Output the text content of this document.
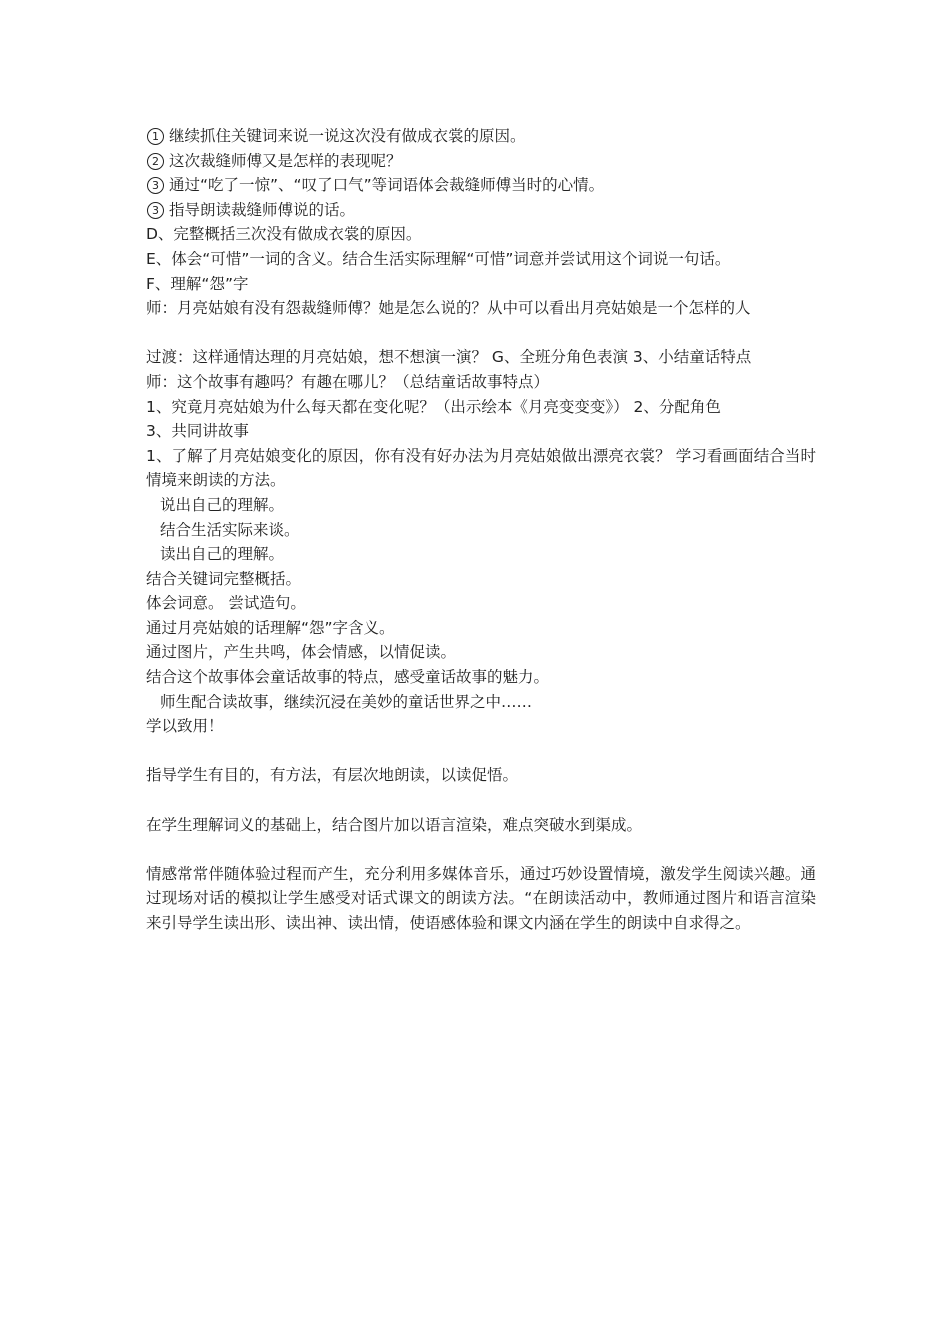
1 继续抓住关键词来说一说这次没有做成衣裳的原因。

2 这次裁缝师傅又是怎样的表现呢？

3 通过“吃了一惊”、“叹了口气”等词语体会裁缝师傅当时的心情。

3 指导朗读裁缝师傅说的话。

D、完整概括三次没有做成衣裳的原因。

E、体会“可惜”一词的含义。结合生活实际理解“可惜”词意并尝试用这个词说一句话。

F、理解“怨”字

师：月亮姑娘有没有怨裁缝师傅？她是怎么说的？从中可以看出月亮姑娘是一个怎样的人

过渡：这样通情达理的月亮姑娘，想不想演一演？ G、全班分角色表演 3、小结童话特点

师：这个故事有趣吗？有趣在哪儿？（总结童话故事特点）

1、究竟月亮姑娘为什么每天都在变化呢？（出示绘本《月亮变变变》） 2、分配角色

3、共同讲故事

1、了解了月亮姑娘变化的原因，你有没有好办法为月亮姑娘做出漂亮衣裳？ 学习看画面结合当时情境来朗读的方法。

说出自己的理解。

结合生活实际来谈。

读出自己的理解。

结合关键词完整概括。

体会词意。 尝试造句。

通过月亮姑娘的话理解“怨”字含义。

通过图片，产生共鸣，体会情感，以情促读。

结合这个故事体会童话故事的特点，感受童话故事的魅力。

师生配合读故事，继续沉浸在美妙的童话世界之中……

学以致用！

指导学生有目的，有方法，有层次地朗读，以读促悟。

在学生理解词义的基础上，结合图片加以语言渲染，难点突破水到渠成。

情感常常伴随体验过程而产生，充分利用多媒体音乐，通过巧妙设置情境，激发学生阅读兴趣。通过现场对话的模拟让学生感受对话式课文的朗读方法。“在朗读活动中，教师通过图片和语言渲染来引导学生读出形、读出神、读出情，使语感体验和课文内涵在学生的朗读中自求得之。
